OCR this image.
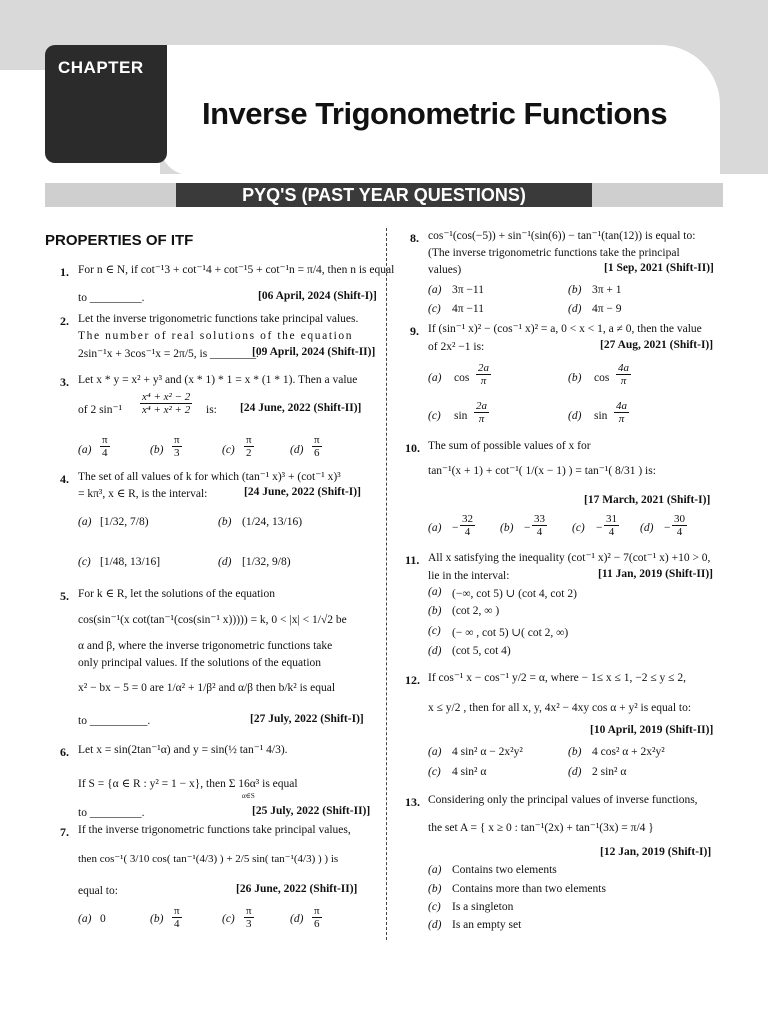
CHAPTER
Inverse Trigonometric Functions
PYQ'S (PAST YEAR QUESTIONS)
PROPERTIES OF ITF
1. For n ∈ N, if cot⁻¹3 + cot⁻¹4 + cot⁻¹5 + cot⁻¹n = π/4, then n is equal
to _________.	[06 April, 2024 (Shift-I)]
2. Let the inverse trigonometric functions take principal values.
The number of real solutions of the equation
2sin⁻¹x + 3cos⁻¹x = 2π/5, is ________.
[09 April, 2024 (Shift-II)]
3. Let x * y = x² + y³ and (x * 1) * 1 = x * (1 * 1). Then a value
of 2 $\sin^{-1} \frac{\text{x⁴ + x² − 2}}{\text{x⁴ + x² + 2}}$ is: [24 June, 2022 (Shift-II)]
$(a) \frac{\pi}{4}$	$(b) \frac{\pi}{3}$	$(c) \frac{\pi}{2}$	$(d) \frac{\pi}{6}$
4. The set of all values of k for which (tan⁻¹ x)³ + (cot⁻¹ x)³
= kπ³, x ∈ R, is the interval:	[24 June, 2022 (Shift-I)]
(a) [1/32, 7/8)	(b) (1/24, 13/16)
(c) [1/48, 13/16]	(d) [1/32, 9/8)
5. For k ∈ R, let the solutions of the equation
cos(sin⁻¹(x cot(tan⁻¹(cos(sin⁻¹ x))))) = k, 0 < |x| < 1/√2 be
α and β, where the inverse trigonometric functions take
only principal values. If the solutions of the equation
x² − bx − 5 = 0 are 1/α² + 1/β² and α/β then b/k² is equal
to __________.	[27 July, 2022 (Shift-I)]
6. Let x = sin(2tan⁻¹α) and y = sin(½ tan⁻¹ 4/3).
If S = {α ∈ R : y² = 1 − x}, then Σ 16α³ is equal
α∈S
to _________.	[25 July, 2022 (Shift-II)]
7. If the inverse trigonometric functions take principal values,
then cos⁻¹( 3/10 cos( tan⁻¹(4/3) ) + 2/5 sin( tan⁻¹(4/3) ) ) is
equal to:	[26 June, 2022 (Shift-II)]
(a) 0	$(b) \frac{\pi}{4}$	$(c) \frac{\pi}{3}$	$(d) \frac{\pi}{6}$
8. cos⁻¹(cos(−5)) + sin⁻¹(sin(6)) − tan⁻¹(tan(12)) is equal to:
(The inverse trigonometric functions take the principal
values)	[1 Sep, 2021 (Shift-II)]
(a) 3π −11	(b) 3π + 1
(c) 4π −11	(d) 4π − 9
9. If (sin⁻¹ x)² − (cos⁻¹ x)² = a, 0 < x < 1, a ≠ 0, then the value
of 2x² −1 is:	[27 Aug, 2021 (Shift-I)]
(a) $\cos \frac{2a}{\pi}$	(b) $\cos \frac{4a}{\pi}$
(c) $\sin \frac{2a}{\pi}$	(d) $\sin \frac{4a}{\pi}$
10. The sum of possible values of x for
tan⁻¹(x + 1) + cot⁻¹( 1/(x − 1) ) = tan⁻¹( 8/31 ) is:
[17 March, 2021 (Shift-I)]
$(a) - \frac{32}{4} (b) - \frac{33}{4} (c) - \frac{31}{4} (d) - \frac{30}{4}$
11. All x satisfying the inequality (cot⁻¹ x)² − 7(cot⁻¹ x) +10 > 0,
lie in the interval:	[11 Jan, 2019 (Shift-II)]
(a) (−∞, cot 5) ∪ (cot 4, cot 2)
(b) (cot 2, ∞ )
(c) (− ∞ , cot 5) ∪( cot 2, ∞)
(d) (cot 5, cot 4)
12. If cos⁻¹ x − cos⁻¹ y/2 = α, where − 1≤ x ≤ 1, −2 ≤ y ≤ 2,
x ≤ y/2 , then for all x, y, 4x² − 4xy cos α + y² is equal to:
[10 April, 2019 (Shift-II)]
(a) 4 sin² α − 2x²y²	(b) 4 cos² α + 2x²y²
(c) 4 sin² α	(d) 2 sin² α
13. Considering only the principal values of inverse functions,
the set A = { x ≥ 0 : tan⁻¹(2x) + tan⁻¹(3x) = π/4 }
[12 Jan, 2019 (Shift-I)]
(a) Contains two elements
(b) Contains more than two elements
(c) Is a singleton
(d) Is an empty set
